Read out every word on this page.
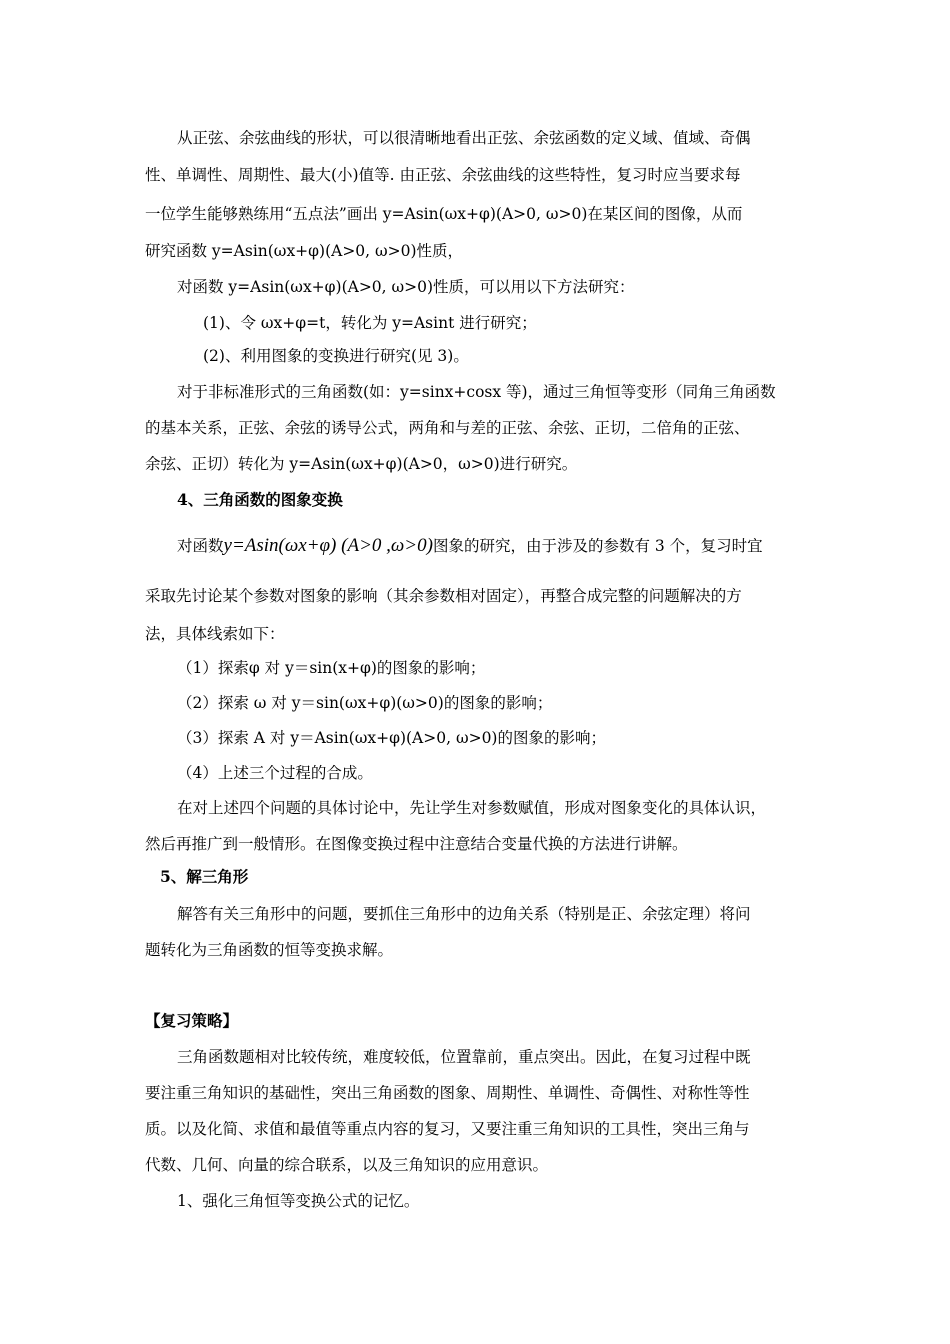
从正弦、余弦曲线的形状，可以很清晰地看出正弦、余弦函数的定义域、值域、奇偶
性、单调性、周期性、最大(小)值等. 由正弦、余弦曲线的这些特性，复习时应当要求每
一位学生能够熟练用“五点法”画出 y=Asin(ωx+φ)(A>0, ω>0)在某区间的图像，从而
研究函数 y=Asin(ωx+φ)(A>0, ω>0)性质，
对函数 y=Asin(ωx+φ)(A>0, ω>0)性质，可以用以下方法研究：
(1)、令 ωx+φ=t，转化为 y=Asint 进行研究；
(2)、利用图象的变换进行研究(见 3)。
对于非标准形式的三角函数(如：y=sinx+cosx 等)，通过三角恒等变形（同角三角函数
的基本关系，正弦、余弦的诱导公式，两角和与差的正弦、余弦、正切，二倍角的正弦、
余弦、正切）转化为 y=Asin(ωx+φ)(A>0，ω>0)进行研究。
4、三角函数的图象变换
对函数y=Asin(ωx+φ) (A>0 ,ω>0)图象的研究，由于涉及的参数有 3 个，复习时宜
采取先讨论某个参数对图象的影响（其余参数相对固定），再整合成完整的问题解决的方
法，具体线索如下：
（1）探索φ 对 y＝sin(x+φ)的图象的影响；
（2）探索 ω 对 y＝sin(ωx+φ)(ω>0)的图象的影响；
（3）探索 A 对 y＝Asin(ωx+φ)(A>0, ω>0)的图象的影响；
（4）上述三个过程的合成。
在对上述四个问题的具体讨论中，先让学生对参数赋值，形成对图象变化的具体认识，
然后再推广到一般情形。在图像变换过程中注意结合变量代换的方法进行讲解。
5、解三角形
解答有关三角形中的问题，要抓住三角形中的边角关系（特别是正、余弦定理）将问
题转化为三角函数的恒等变换求解。
【复习策略】
三角函数题相对比较传统，难度较低，位置靠前，重点突出。因此，在复习过程中既
要注重三角知识的基础性，突出三角函数的图象、周期性、单调性、奇偶性、对称性等性
质。以及化简、求值和最值等重点内容的复习，又要注重三角知识的工具性，突出三角与
代数、几何、向量的综合联系，以及三角知识的应用意识。
1、强化三角恒等变换公式的记忆。
